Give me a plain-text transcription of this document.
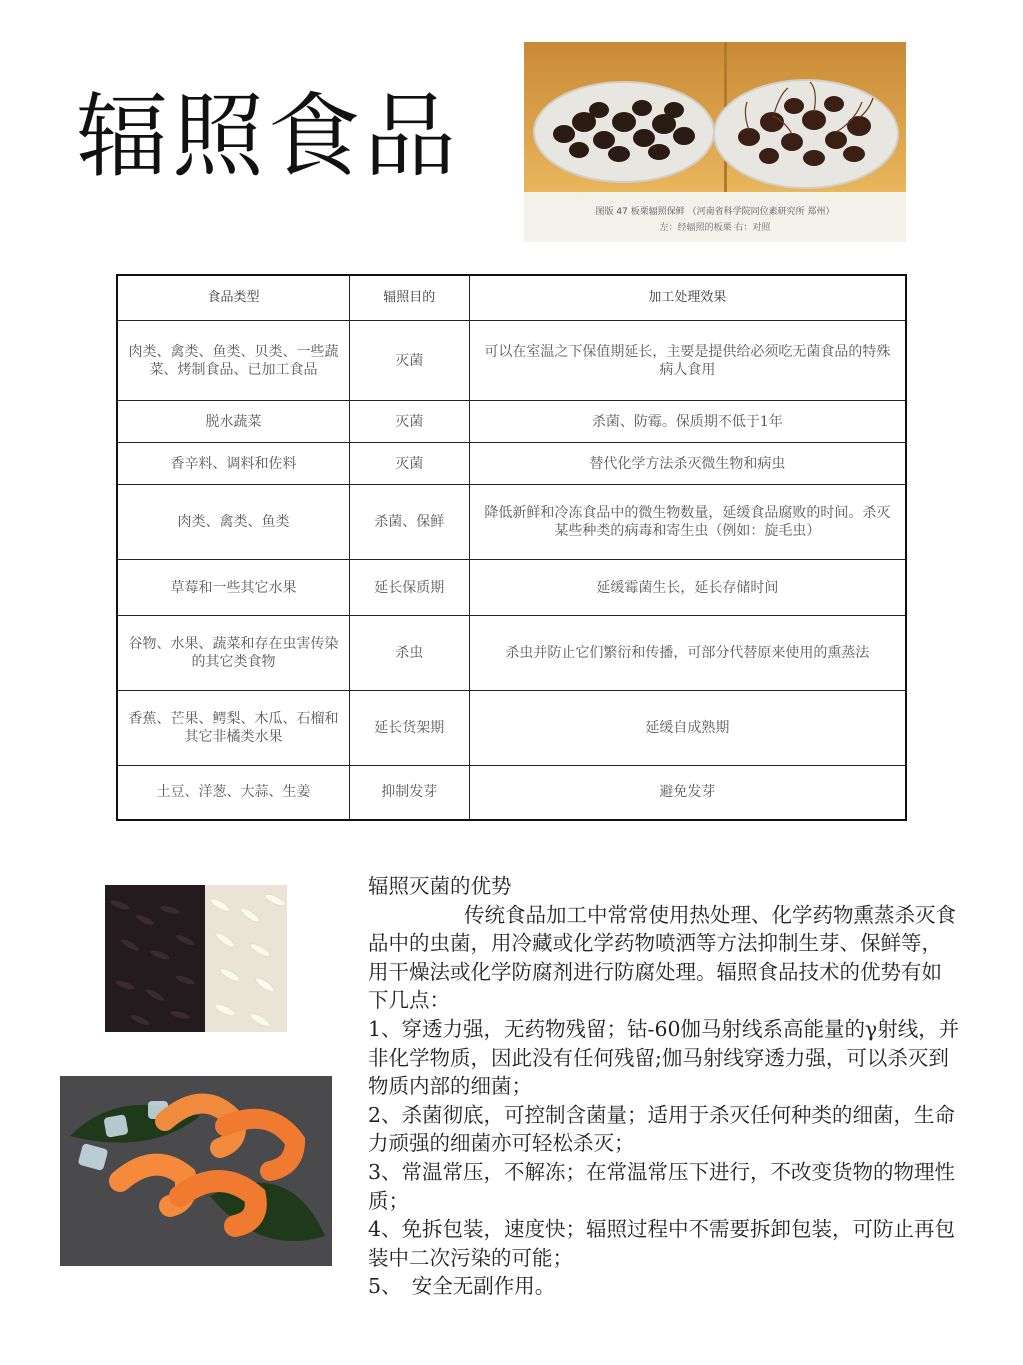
辐照食品
图版 47 板栗辐照保鲜 （河南省科学院同位素研究所 郑州）
左：经辐照的板栗 右：对照
食品类型	辐照目的	加工处理效果
肉类、禽类、鱼类、贝类、一些蔬菜、烤制食品、已加工食品	灭菌	可以在室温之下保值期延长，主要是提供给必须吃无菌食品的特殊病人食用
脱水蔬菜	灭菌	杀菌、防霉。保质期不低于1年
香辛料、调料和佐料	灭菌	替代化学方法杀灭微生物和病虫
肉类、禽类、鱼类	杀菌、保鲜	降低新鲜和冷冻食品中的微生物数量，延缓食品腐败的时间。杀灭某些种类的病毒和寄生虫（例如：旋毛虫）
草莓和一些其它水果	延长保质期	延缓霉菌生长，延长存储时间
谷物、水果、蔬菜和存在虫害传染的其它类食物	杀虫	杀虫并防止它们繁衍和传播，可部分代替原来使用的熏蒸法
香蕉、芒果、鳄梨、木瓜、石榴和其它非橘类水果	延长货架期	延缓自成熟期
土豆、洋葱、大蒜、生姜	抑制发芽	避免发芽

辐照灭菌的优势

传统食品加工中常常使用热处理、化学药物熏蒸杀灭食品中的虫菌，用冷藏或化学药物喷洒等方法抑制生芽、保鲜等，用干燥法或化学防腐剂进行防腐处理。辐照食品技术的优势有如下几点：

1、穿透力强，无药物残留；钴-60伽马射线系高能量的γ射线，并非化学物质，因此没有任何残留;伽马射线穿透力强，可以杀灭到物质内部的细菌；

2、杀菌彻底，可控制含菌量；适用于杀灭任何种类的细菌，生命力顽强的细菌亦可轻松杀灭；

3、常温常压，不解冻；在常温常压下进行，不改变货物的物理性质；

4、免拆包装，速度快；辐照过程中不需要拆卸包装，可防止再包装中二次污染的可能；

5、　安全无副作用。
